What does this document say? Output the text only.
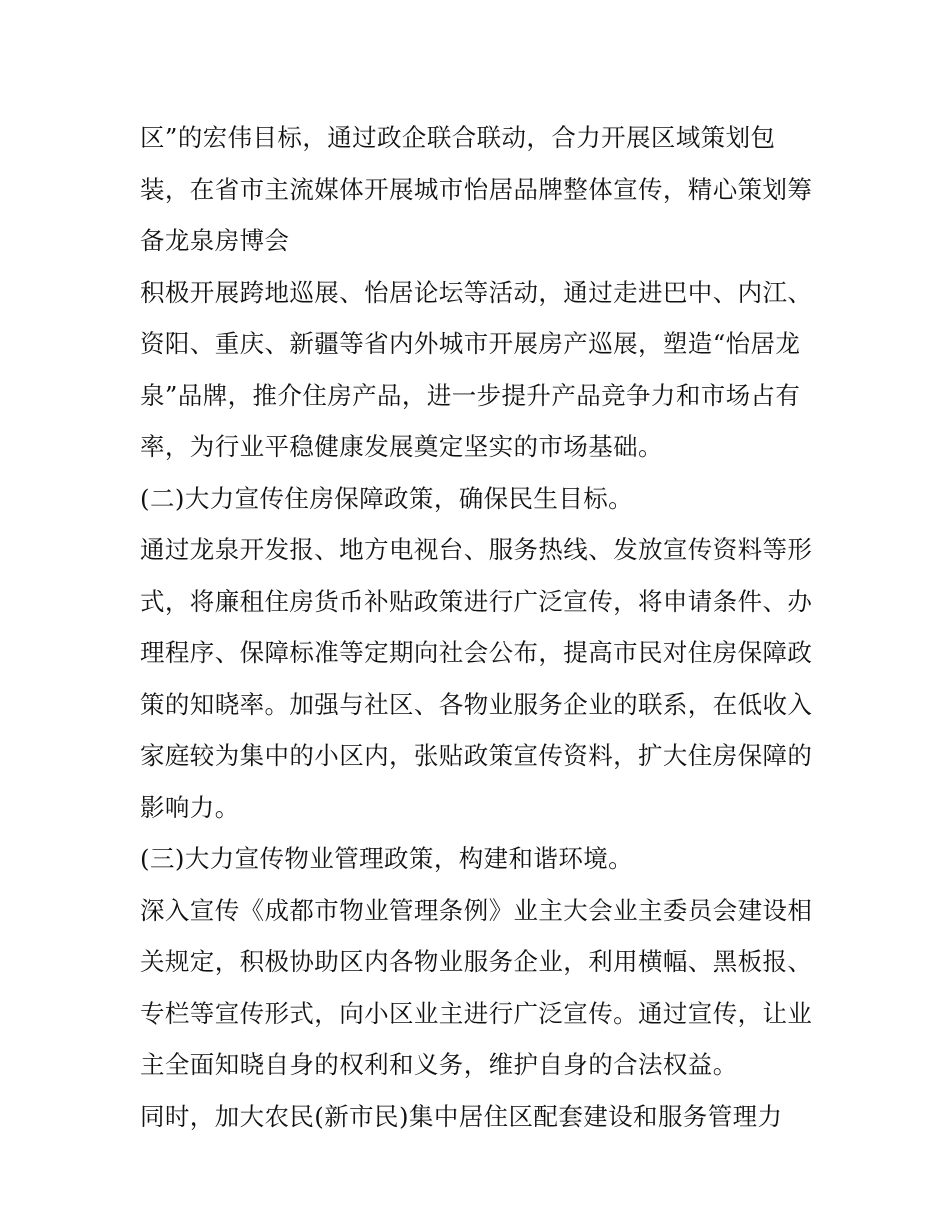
区”的宏伟目标，通过政企联合联动，合力开展区域策划包
装，在省市主流媒体开展城市怡居品牌整体宣传，精心策划筹
备龙泉房博会
积极开展跨地巡展、怡居论坛等活动，通过走进巴中、内江、
资阳、重庆、新疆等省内外城市开展房产巡展，塑造“怡居龙
泉”品牌，推介住房产品，进一步提升产品竞争力和市场占有
率，为行业平稳健康发展奠定坚实的市场基础。
(二)大力宣传住房保障政策，确保民生目标。
通过龙泉开发报、地方电视台、服务热线、发放宣传资料等形
式，将廉租住房货币补贴政策进行广泛宣传，将申请条件、办
理程序、保障标准等定期向社会公布，提高市民对住房保障政
策的知晓率。加强与社区、各物业服务企业的联系，在低收入
家庭较为集中的小区内，张贴政策宣传资料，扩大住房保障的
影响力。
(三)大力宣传物业管理政策，构建和谐环境。
深入宣传《成都市物业管理条例》业主大会业主委员会建设相
关规定，积极协助区内各物业服务企业，利用横幅、黑板报、
专栏等宣传形式，向小区业主进行广泛宣传。通过宣传，让业
主全面知晓自身的权利和义务，维护自身的合法权益。
同时，加大农民(新市民)集中居住区配套建设和服务管理力
